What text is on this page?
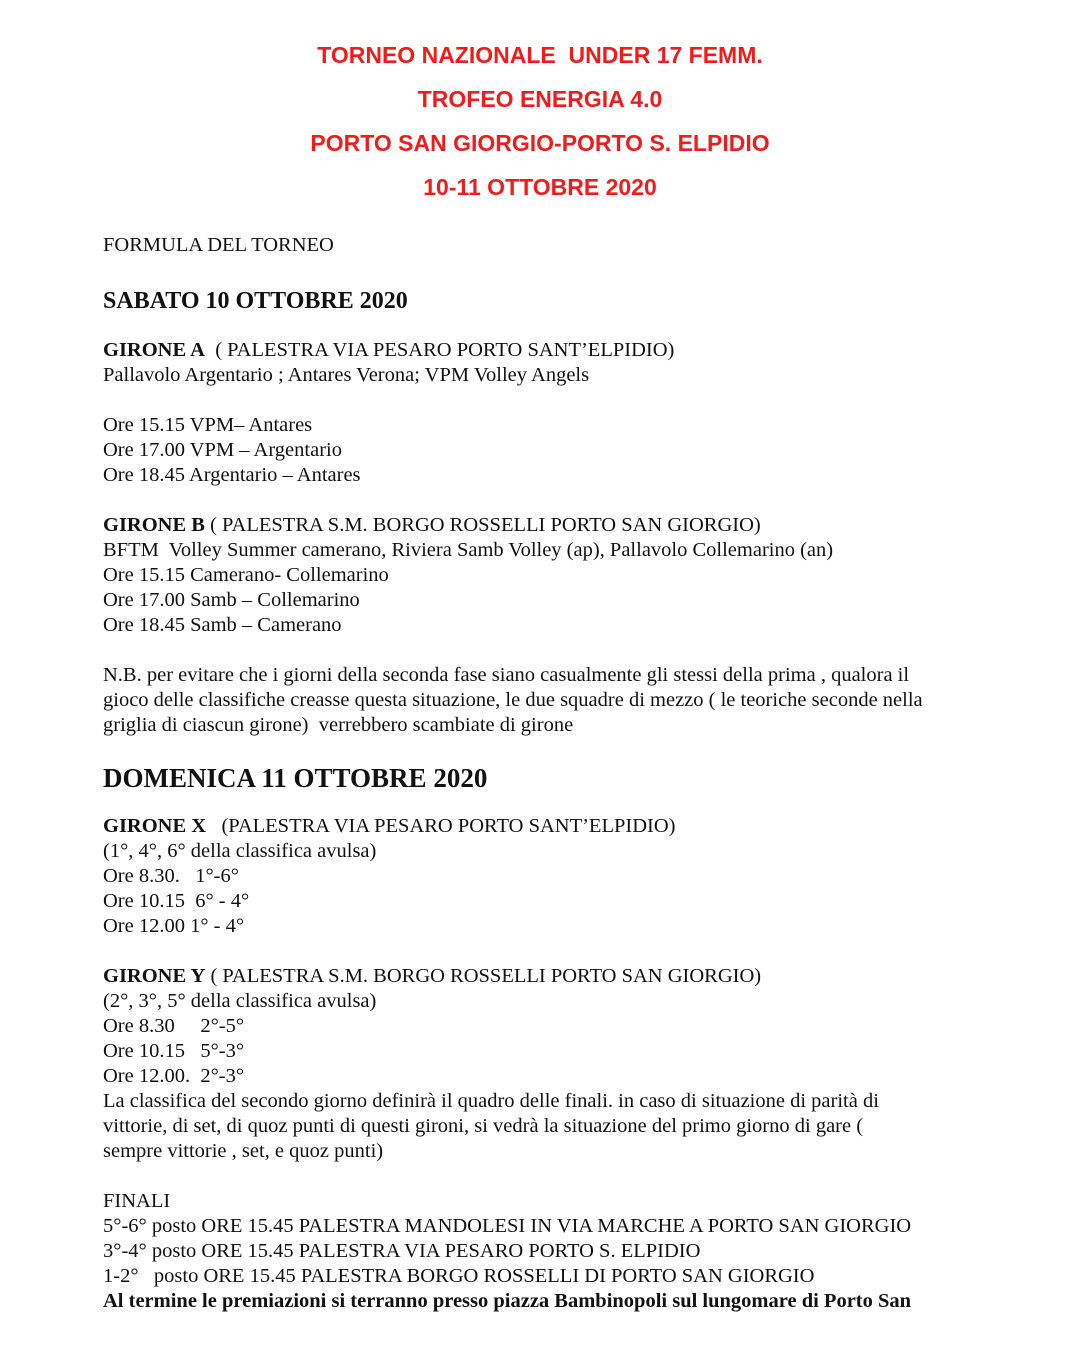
TORNEO NAZIONALE  UNDER 17 FEMM.
TROFEO ENERGIA 4.0
PORTO SAN GIORGIO-PORTO S. ELPIDIO
10-11 OTTOBRE 2020
FORMULA DEL TORNEO
SABATO 10 OTTOBRE 2020
GIRONE A  ( PALESTRA VIA PESARO PORTO SANT’ELPIDIO)
Pallavolo Argentario ; Antares Verona; VPM Volley Angels
Ore 15.15 VPM– Antares
Ore 17.00 VPM – Argentario
Ore 18.45 Argentario – Antares
GIRONE B ( PALESTRA S.M. BORGO ROSSELLI PORTO SAN GIORGIO)
BFTM  Volley Summer camerano, Riviera Samb Volley (ap), Pallavolo Collemarino (an)
Ore 15.15 Camerano- Collemarino
Ore 17.00 Samb – Collemarino
Ore 18.45 Samb – Camerano
N.B. per evitare che i giorni della seconda fase siano casualmente gli stessi della prima , qualora il
gioco delle classifiche creasse questa situazione, le due squadre di mezzo ( le teoriche seconde nella
griglia di ciascun girone)  verrebbero scambiate di girone
DOMENICA 11 OTTOBRE 2020
GIRONE X   (PALESTRA VIA PESARO PORTO SANT’ELPIDIO)
(1°, 4°, 6° della classifica avulsa)
Ore 8.30.   1°-6°
Ore 10.15  6° - 4°
Ore 12.00 1° - 4°
GIRONE Y ( PALESTRA S.M. BORGO ROSSELLI PORTO SAN GIORGIO)
(2°, 3°, 5° della classifica avulsa)
Ore 8.30     2°-5°
Ore 10.15   5°-3°
Ore 12.00.  2°-3°
La classifica del secondo giorno definirà il quadro delle finali. in caso di situazione di parità di
vittorie, di set, di quoz punti di questi gironi, si vedrà la situazione del primo giorno di gare (
sempre vittorie , set, e quoz punti)
FINALI
5°-6° posto ORE 15.45 PALESTRA MANDOLESI IN VIA MARCHE A PORTO SAN GIORGIO
3°-4° posto ORE 15.45 PALESTRA VIA PESARO PORTO S. ELPIDIO
1-2°   posto ORE 15.45 PALESTRA BORGO ROSSELLI DI PORTO SAN GIORGIO
Al termine le premiazioni si terranno presso piazza Bambinopoli sul lungomare di Porto San
